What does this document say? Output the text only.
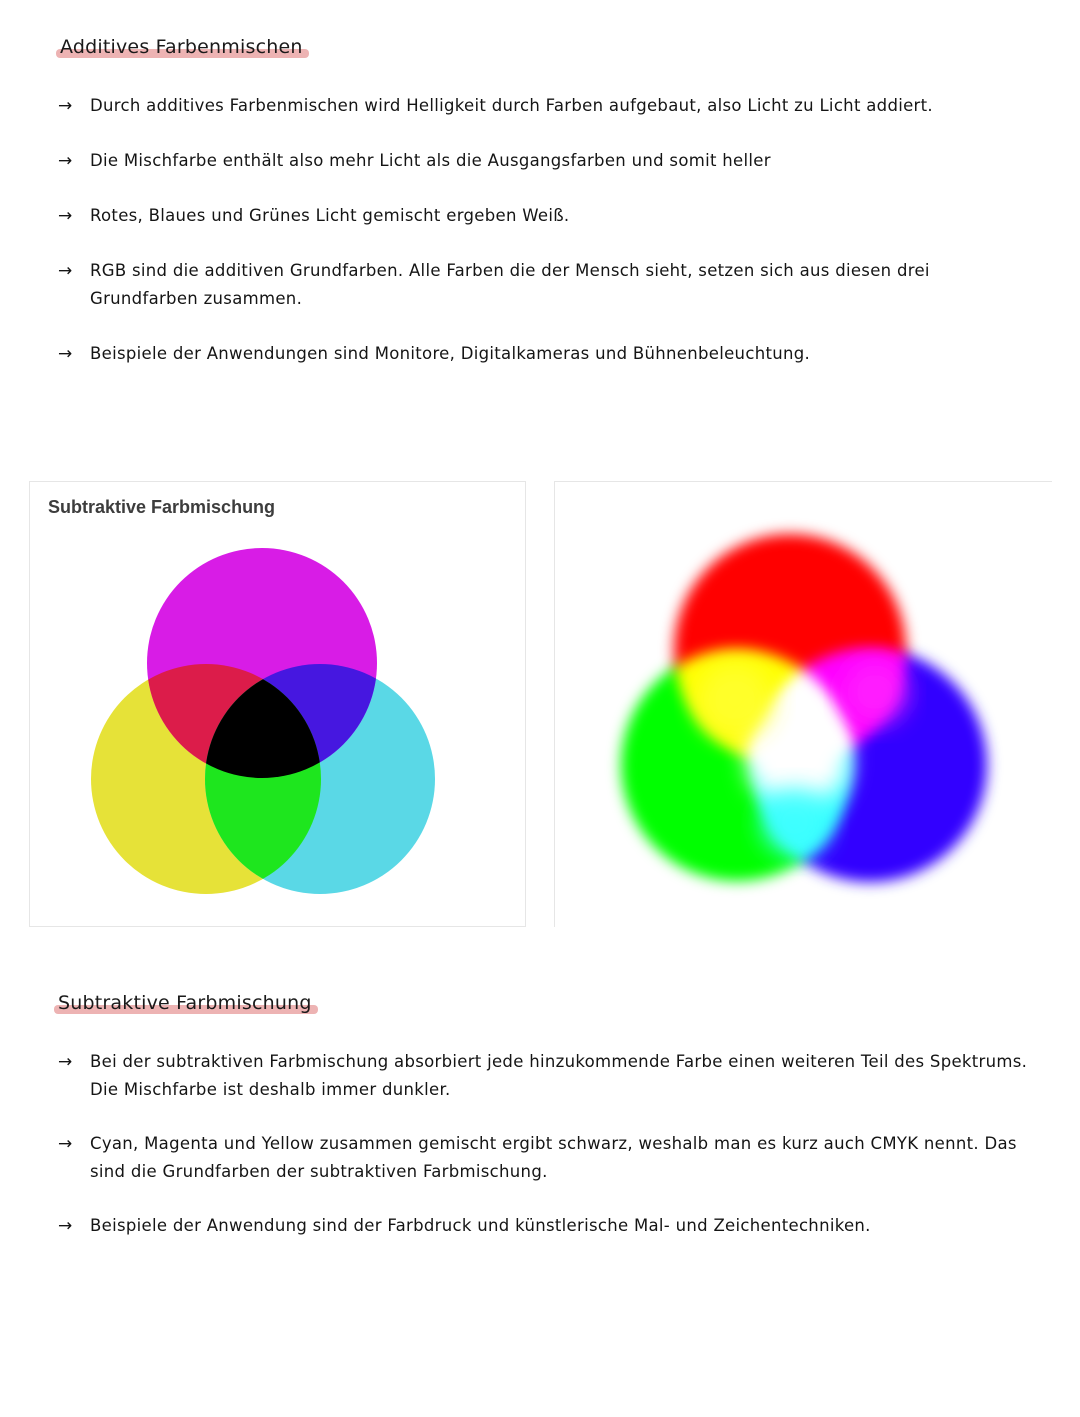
Additives Farbenmischen
→ Durch additives Farbenmischen wird Helligkeit durch Farben aufgebaut, also Licht zu Licht addiert.
→ Die Mischfarbe enthält also mehr Licht als die Ausgangsfarben und somit heller
→ Rotes, Blaues und Grünes Licht gemischt ergeben Weiß.
→ RGB sind die additiven Grundfarben. Alle Farben die der Mensch sieht, setzen sich aus diesen drei Grundfarben zusammen.
→ Beispiele der Anwendungen sind Monitore, Digitalkameras und Bühnenbeleuchtung.
Subtraktive Farbmischung
Subtraktive Farbmischung
→ Bei der subtraktiven Farbmischung absorbiert jede hinzukommende Farbe einen weiteren Teil des Spektrums. Die Mischfarbe ist deshalb immer dunkler.
→ Cyan, Magenta und Yellow zusammen gemischt ergibt schwarz, weshalb man es kurz auch CMYK nennt. Das sind die Grundfarben der subtraktiven Farbmischung.
→ Beispiele der Anwendung sind der Farbdruck und künstlerische Mal- und Zeichentechniken.
